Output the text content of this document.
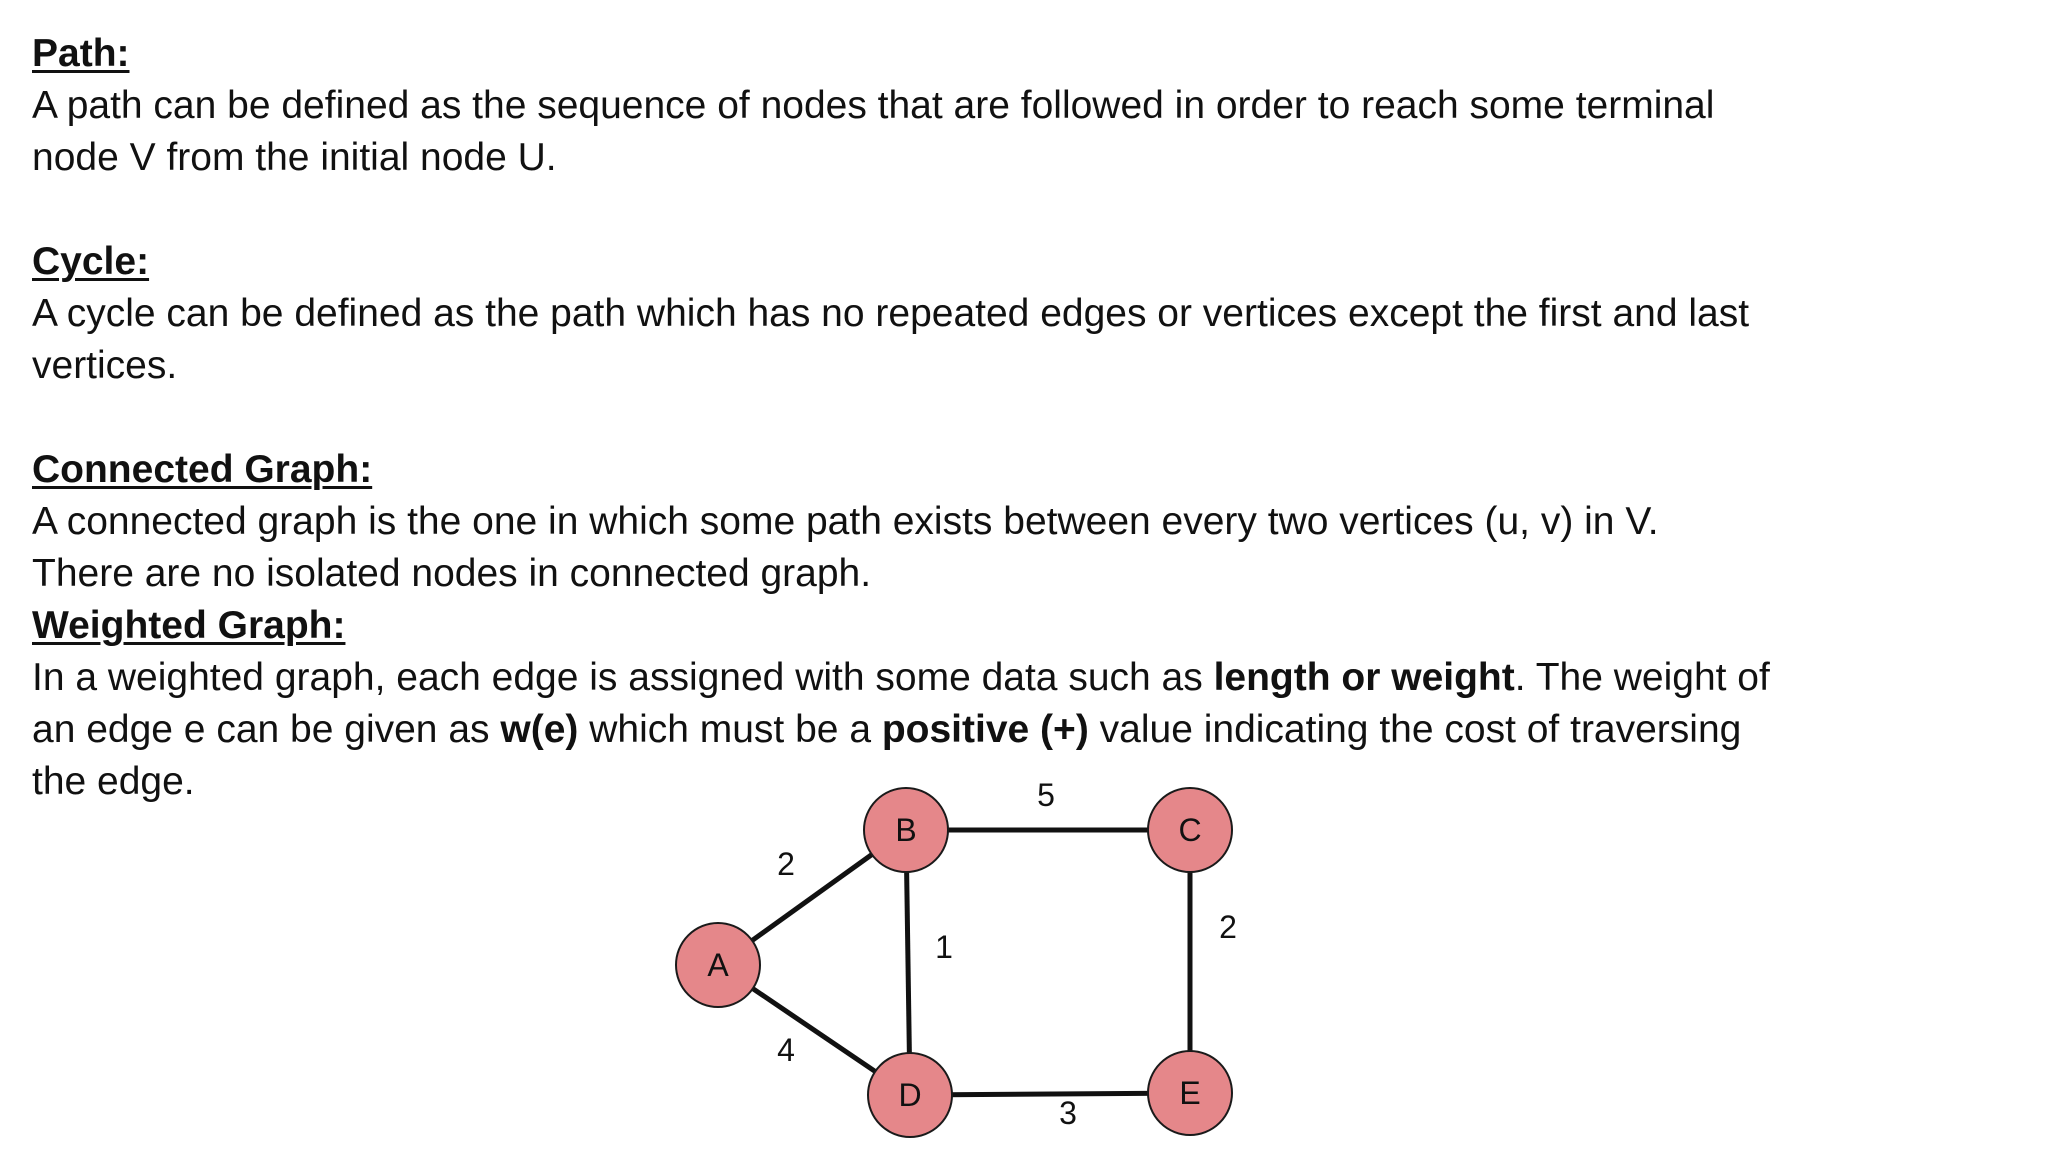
Path:
A path can be defined as the sequence of nodes that are followed in order to reach some terminal
node V from the initial node U.
Cycle:
A cycle can be defined as the path which has no repeated edges or vertices except the first and last
vertices.
Connected Graph:
A connected graph is the one in which some path exists between every two vertices (u, v) in V.
There are no isolated nodes in connected graph.
Weighted Graph:
In a weighted graph, each edge is assigned with some data such as length or weight. The weight of
an edge e can be given as w(e) which must be a positive (+) value indicating the cost of traversing
the edge.
2
4
5
1
2
3
A
B	C
D	E
